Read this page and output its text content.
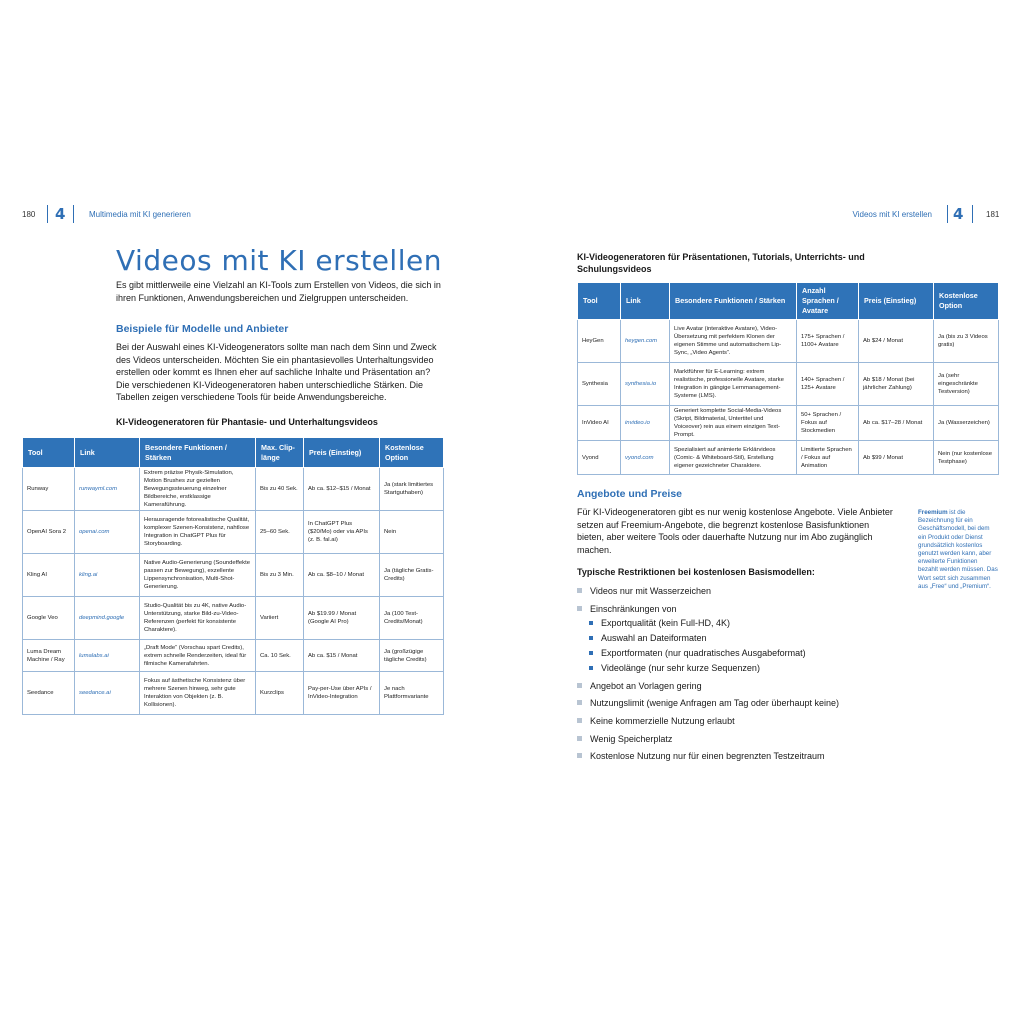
180 4	Multimedia mit KI generieren	Videos mit KI erstellen 4	181
Videos mit KI erstellen
Es gibt mittlerweile eine Vielzahl an KI-Tools zum Erstellen von Videos, die sich in ihren Funktionen, Anwendungsbereichen und Zielgruppen unterscheiden.
Beispiele für Modelle und Anbieter
Bei der Auswahl eines KI-Videogenerators sollte man nach dem Sinn und Zweck des Videos unterscheiden. Möchten Sie ein phantasievolles Unterhaltungsvideo erstellen oder kommt es Ihnen eher auf sachliche Inhalte und Präsentation an? Die verschiedenen KI-Videogeneratoren haben unterschiedliche Stärken. Die Tabellen zeigen verschiedene Tools für beide Anwendungsbereiche.
KI-Videogeneratoren für Phantasie- und Unterhaltungsvideos
Tool	Link	Besondere Funktionen / Stärken	Max. Clip-länge	Preis (Einstieg)	Kostenlose Option
Runway	runwayml.com	Extrem präzise Physik-Simulation, Motion Brushes zur gezielten Bewegungssteuerung einzelner Bildbereiche, erstklassige Kameraführung.	Bis zu 40 Sek.	Ab ca. $12–$15 / Monat	Ja (stark limitiertes Startguthaben)
OpenAI Sora 2	openai.com	Herausragende fotorealistische Qualität, komplexer Szenen-Konsistenz, nahtlose Integration in ChatGPT Plus für Storyboarding.	25–60 Sek.	In ChatGPT Plus ($20/Mo) oder via APIs (z. B. fal.ai)	Nein
Kling AI	kling.ai	Native Audio-Generierung (Soundeffekte passen zur Bewegung), exzellente Lippensynchronisation, Multi-Shot-Generierung.	Bis zu 3 Min.	Ab ca. $8–10 / Monat	Ja (tägliche Gratis-Credits)
Google Veo	deepmind.google	Studio-Qualität bis zu 4K, native Audio-Unterstützung, starke Bild-zu-Video-Referenzen (perfekt für konsistente Charaktere).	Variiert	Ab $19.99 / Monat (Google AI Pro)	Ja (100 Test-Credits/Monat)
Luma Dream Machine / Ray	lumalabs.ai	„Draft Mode“ (Vorschau spart Credits), extrem schnelle Renderzeiten, ideal für filmische Kamerafahrten.	Ca. 10 Sek.	Ab ca. $15 / Monat	Ja (großzügige tägliche Credits)
Seedance	seedance.ai	Fokus auf ästhetische Konsistenz über mehrere Szenen hinweg, sehr gute Interaktion von Objekten (z. B. Kollisionen).	Kurzclips	Pay-per-Use über APIs / InVideo-Integration	Je nach Plattformvariante
KI-Videogeneratoren für Präsentationen, Tutorials, Unterrichts- und Schulungsvideos
Tool	Link	Besondere Funktionen / Stärken	Anzahl Sprachen / Avatare	Preis (Einstieg)	Kostenlose Option
HeyGen	heygen.com	Live Avatar (interaktive Avatare), Video-Übersetzung mit perfektem Klonen der eigenen Stimme und automatischem Lip-Sync, „Video Agents“.	175+ Sprachen / 1100+ Avatare	Ab $24 / Monat	Ja (bis zu 3 Videos gratis)
Synthesia	synthesia.io	Marktführer für E-Learning: extrem realistische, professionelle Avatare, starke Integration in gängige Lernmanagement-Systeme (LMS).	140+ Sprachen / 125+ Avatare	Ab $18 / Monat (bei jährlicher Zahlung)	Ja (sehr eingeschränkte Testversion)
InVideo AI	invideo.io	Generiert komplette Social-Media-Videos (Skript, Bildmaterial, Untertitel und Voiceover) rein aus einem einzigen Text-Prompt.	50+ Sprachen / Fokus auf Stockmedien	Ab ca. $17–28 / Monat	Ja (Wasserzeichen)
Vyond	vyond.com	Spezialisiert auf animierte Erklärvideos (Comic- & Whiteboard-Stil), Erstellung eigener gezeichneter Charaktere.	Limitierte Sprachen / Fokus auf Animation	Ab $99 / Monat	Nein (nur kostenlose Testphase)
Angebote und Preise
Für KI-Videogeneratoren gibt es nur wenig kostenlose Angebote. Viele Anbieter setzen auf Freemium-Angebote, die begrenzt kostenlose Basisfunktionen bieten, aber weitere Tools oder dauerhafte Nutzung nur im Abo zugänglich machen.
Freemium ist die Bezeichnung für ein Geschäftsmodell, bei dem ein Produkt oder Dienst grundsätzlich kostenlos genutzt werden kann, aber erweiterte Funktionen bezahlt werden müssen. Das Wort setzt sich zusammen aus „Free“ und „Premium“.
Typische Restriktionen bei kostenlosen Basismodellen:
Videos nur mit Wasserzeichen
Einschränkungen von
Exportqualität (kein Full-HD, 4K)
Auswahl an Dateiformaten
Exportformaten (nur quadratisches Ausgabeformat)
Videolänge (nur sehr kurze Sequenzen)
Angebot an Vorlagen gering
Nutzungslimit (wenige Anfragen am Tag oder überhaupt keine)
Keine kommerzielle Nutzung erlaubt
Wenig Speicherplatz
Kostenlose Nutzung nur für einen begrenzten Testzeitraum
